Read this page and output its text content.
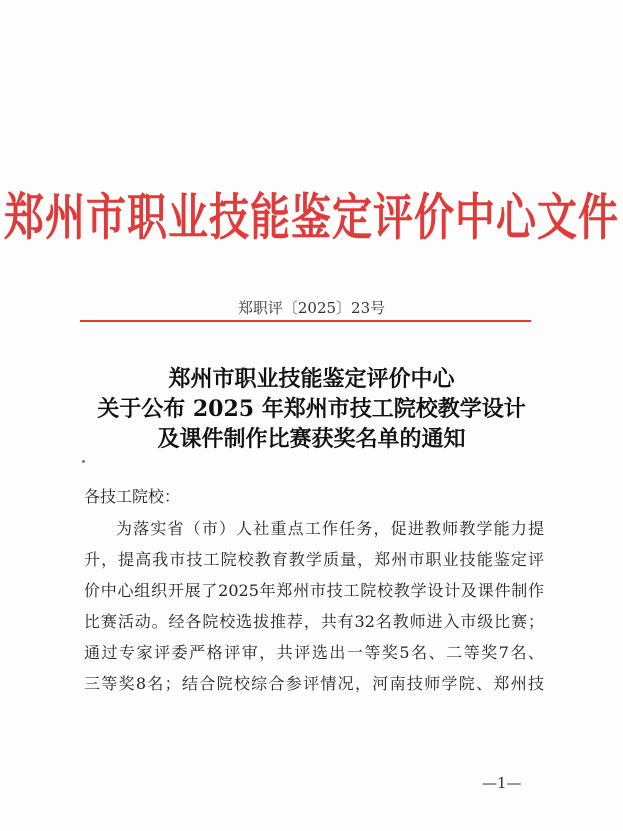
郑州市职业技能鉴定评价中心文件
郑职评〔2025〕23号
郑州市职业技能鉴定评价中心
关于公布 2025 年郑州市技工院校教学设计
及课件制作比赛获奖名单的通知
各技工院校：
为落实省（市）人社重点工作任务，促进教师教学能力提
升，提高我市技工院校教育教学质量，郑州市职业技能鉴定评
价中心组织开展了2025年郑州市技工院校教学设计及课件制作
比赛活动。经各院校选拔推荐，共有32名教师进入市级比赛；
通过专家评委严格评审，共评选出一等奖5名、二等奖7名、
三等奖8名；结合院校综合参评情况，河南技师学院、郑州技
—1—
